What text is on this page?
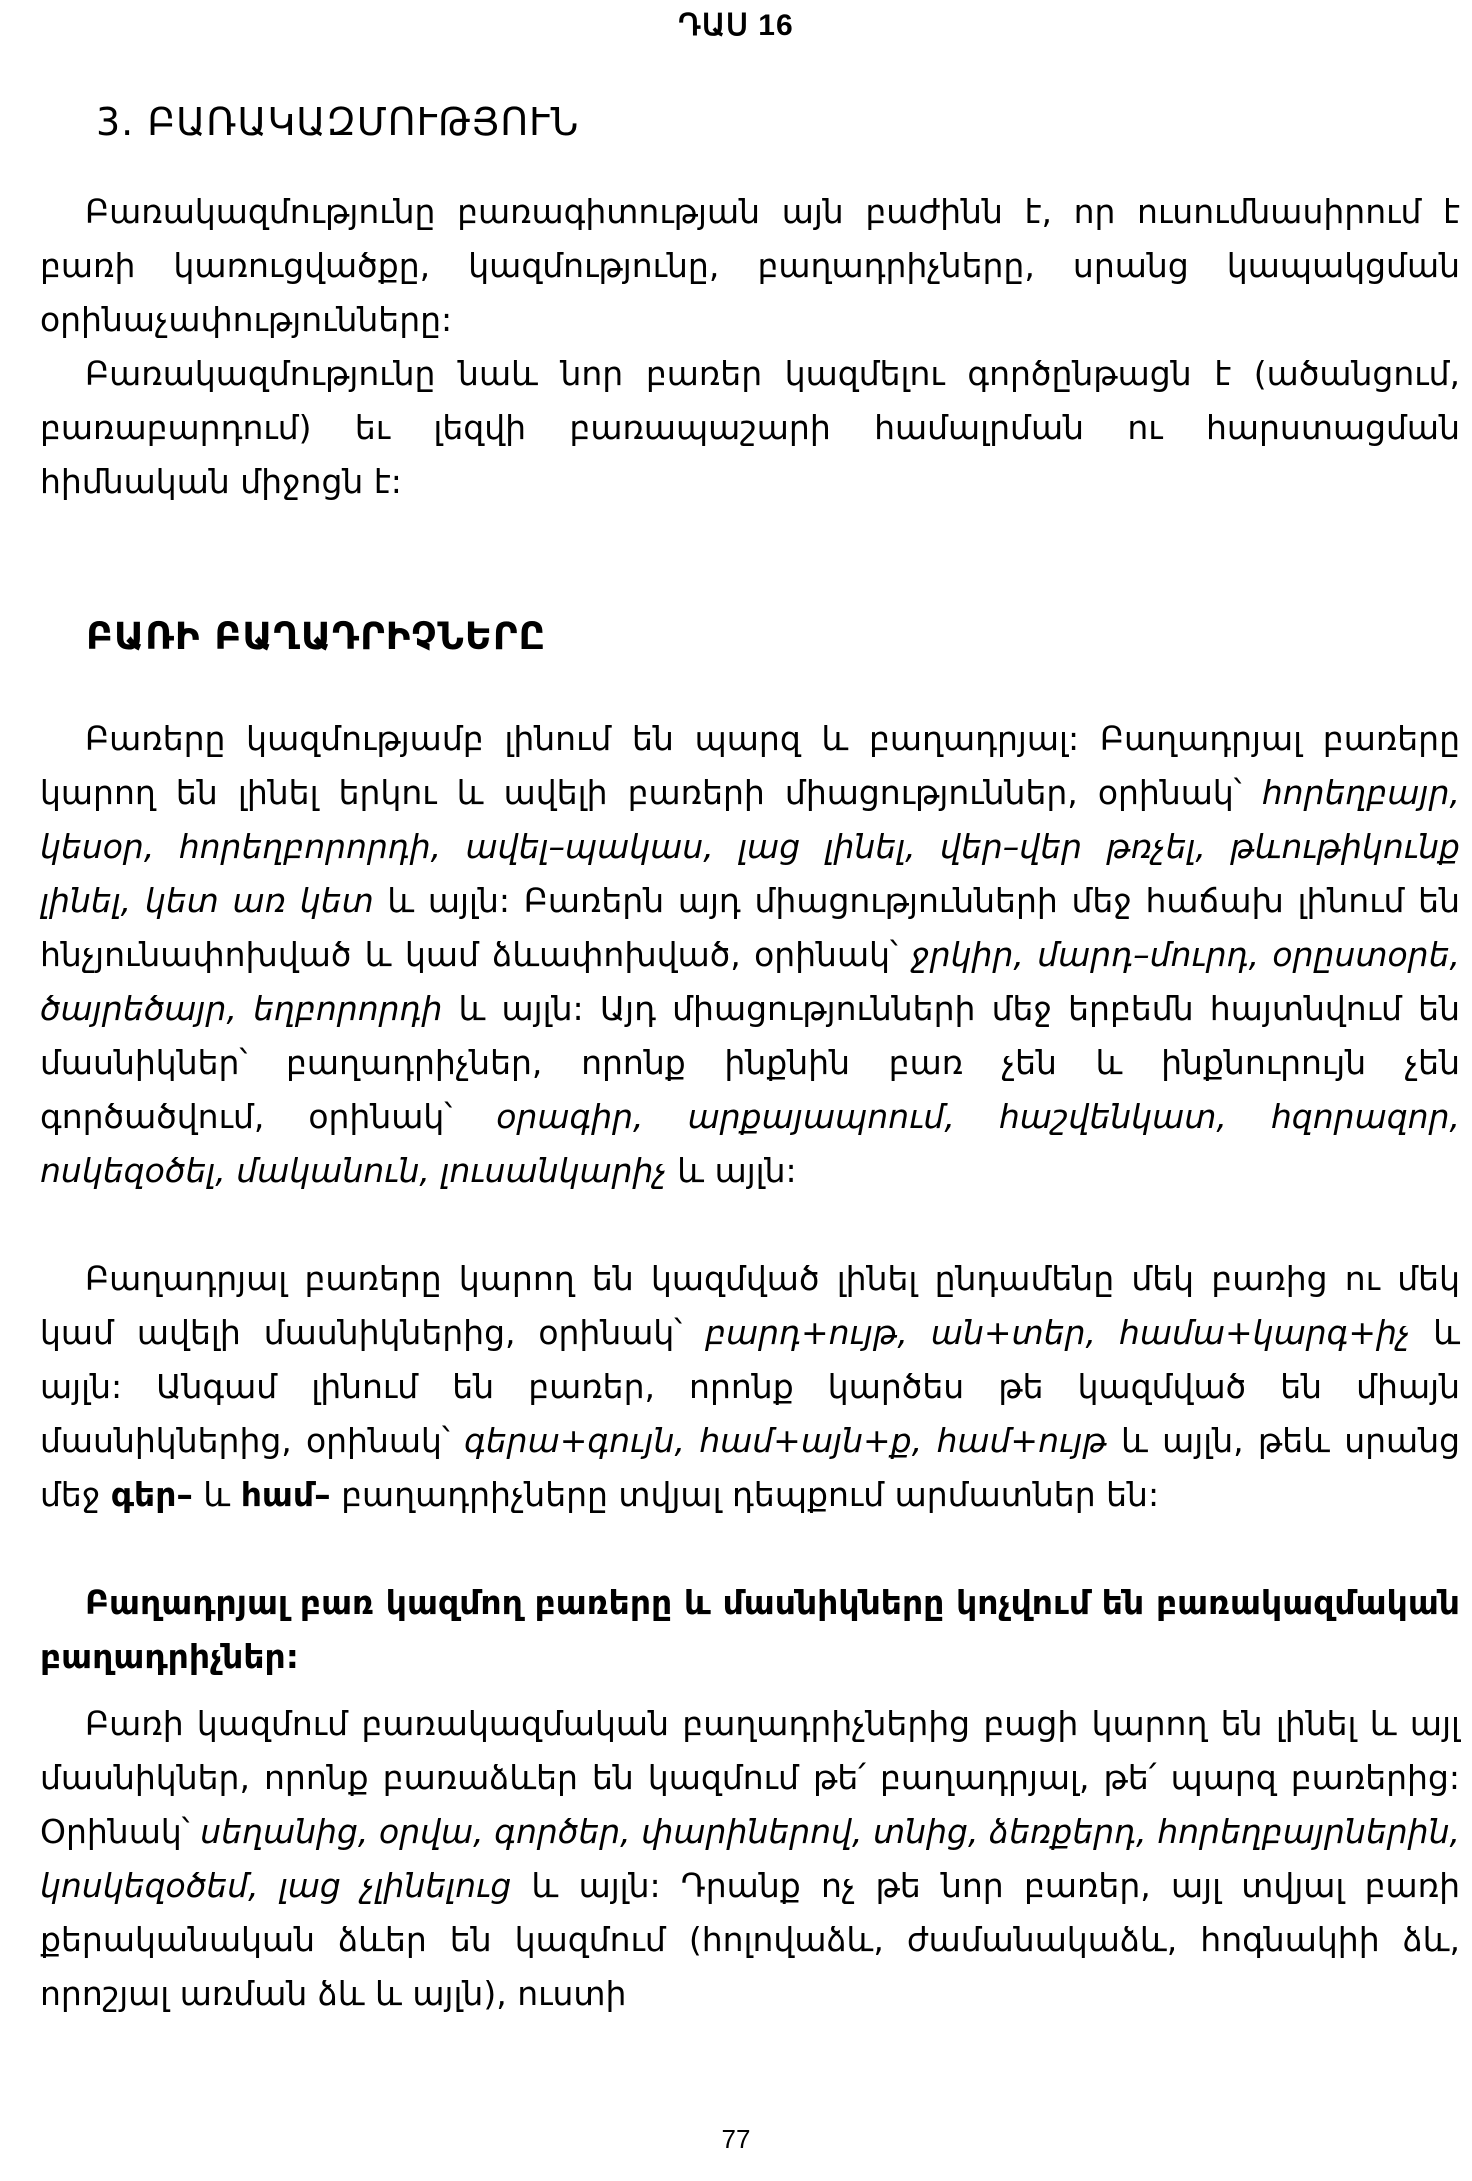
ԴԱՍ 16
3. ԲԱՌԱԿԱԶՄՈՒԹՅՈՒՆ

Բառակազմությունը բառագիտության այն բաժինն է, որ ուսումնասիրում է բառի կառուցվածքը, կազմությունը, բաղադրիչները, սրանց կապակցման օրինաչափությունները:

Բառակազմությունը նաև նոր բառեր կազմելու գործընթացն է (ածանցում, բառաբարդում) եւ լեզվի բառապաշարի համալրման ու հարստացման հիմնական միջոցն է:

ԲԱՌԻ ԲԱՂԱԴՐԻՉՆԵՐԸ

Բառերը կազմությամբ լինում են պարզ և բաղադրյալ: Բաղադրյալ բառերը կարող են լինել երկու և ավելի բառերի միացություններ, օրինակ՝ հորեղբայր, կեսօր, հորեղբորորդի, ավել–պակաս, լաց լինել, վեր–վեր թռչել, թևութիկունք լինել, կետ առ կետ և այլն: Բառերն այդ միացությունների մեջ հաճախ լինում են հնչյունափոխված և կամ ձևափոխված, օրինակ՝ ջրկիր, մարդ–մուրդ, օրըստօրե, ծայրեծայր, եղբորորդի և այլն: Այդ միացությունների մեջ երբեմն հայտնվում են մասնիկներ՝ բաղադրիչներ, որոնք ինքնին բառ չեն և ինքնուրույն չեն գործածվում, օրինակ՝ օրագիր, արքայապոում, հաշվենկատ, հզորազոր, ոսկեզօծել, մականուն, լուսանկարիչ և այլն:

Բաղադրյալ բառերը կարող են կազմված լինել ընդամենը մեկ բառից ու մեկ կամ ավելի մասնիկներից, օրինակ՝ բարդ+ույթ, ան+տեր, համա+կարգ+իչ և այլն: Անգամ լինում են բառեր, որոնք կարծես թե կազմված են միայն մասնիկներից, օրինակ՝ գերա+գույն, համ+այն+ք, համ+ույթ և այլն, թեև սրանց մեջ գեր– և համ– բաղադրիչները տվյալ դեպքում արմատներ են:

Բաղադրյալ բառ կազմող բառերը և մասնիկները կոչվում են բառակազմական բաղադրիչներ:

Բառի կազմում բառակազմական բաղադրիչներից բացի կարող են լինել և այլ մասնիկներ, որոնք բառաձևեր են կազմում թե՛ բաղադրյալ, թե՛ պարզ բառերից: Օրինակ՝ սեղանից, օրվա, գործեր, փարիներով, տնից, ձեռքերդ, հորեղբայրներին, կոսկեզօծեմ, լաց չլինելուց և այլն: Դրանք ոչ թե նոր բառեր, այլ տվյալ բառի քերականական ձևեր են կազմում (հոլովաձև, ժամանակաձև, հոգնակիի ձև, որոշյալ առման ձև և այլն), ուստի

77
